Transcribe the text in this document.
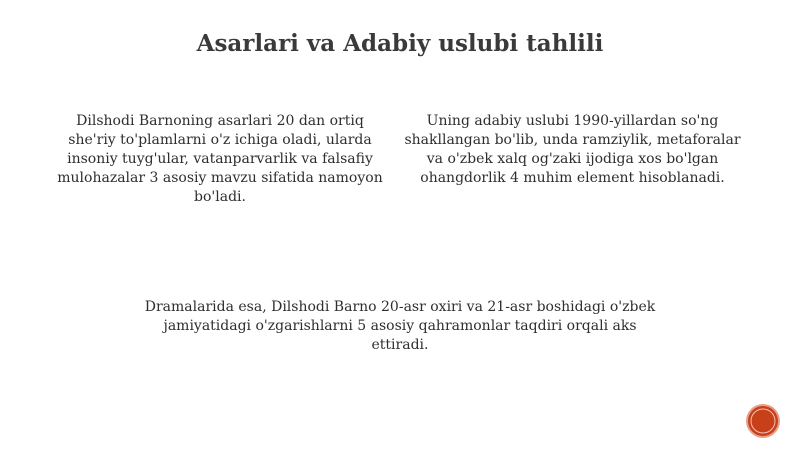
Asarlari va Adabiy uslubi tahlili

Dilshodi Barnoning asarlari 20 dan ortiq she'riy to'plamlarni o'z ichiga oladi, ularda insoniy tuyg'ular, vatanparvarlik va falsafiy mulohazalar 3 asosiy mavzu sifatida namoyon bo'ladi.

Uning adabiy uslubi 1990-yillardan so'ng shakllangan bo'lib, unda ramziylik, metaforalar va o'zbek xalq og'zaki ijodiga xos bo'lgan ohangdorlik 4 muhim element hisoblanadi.

Dramalarida esa, Dilshodi Barno 20-asr oxiri va 21-asr boshidagi o'zbek jamiyatidagi o'zgarishlarni 5 asosiy qahramonlar taqdiri orqali aks ettiradi.
